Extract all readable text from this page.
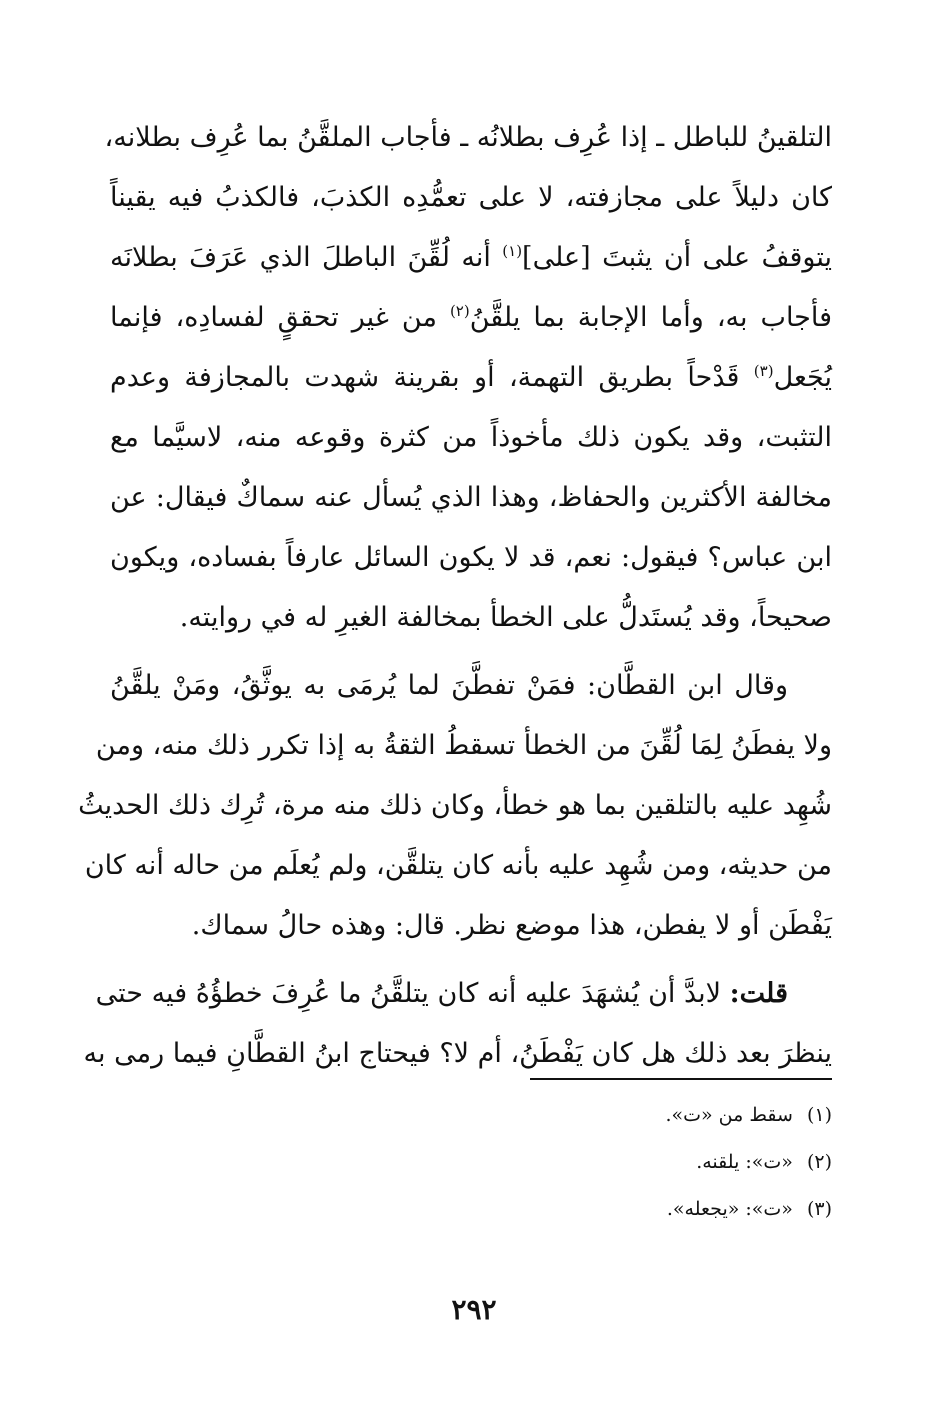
التلقينُ للباطل ـ إذا عُرِف بطلانُه ـ فأجاب الملقَّنُ بما عُرِف بطلانه،
كان دليلاً على مجازفته، لا على تعمُّدِه الكذبَ، فالكذبُ فيه يقيناً
يتوقفُ على أن يثبتَ [على]$^{(١)}$ أنه لُقِّنَ الباطلَ الذي عَرَفَ بطلانَه
فأجاب به، وأما الإجابة بما يلقَّنُ$^{(٢)}$ من غير تحققٍ لفسادِه، فإنما
يُجَعل$^{(٣)}$ قَدْحاً بطريق التهمة، أو بقرينة شهدت بالمجازفة وعدم
التثبت، وقد يكون ذلك مأخوذاً من كثرة وقوعه منه، لاسيَّما مع
مخالفة الأكثرين والحفاظ، وهذا الذي يُسأل عنه سماكٌ فيقال: عن
ابن عباس؟ فيقول: نعم، قد لا يكون السائل عارفاً بفساده، ويكون
صحيحاً، وقد يُستَدلُّ على الخطأ بمخالفة الغيرِ له في روايته.
وقال ابن القطَّان: فمَنْ تفطَّنَ لما يُرمَى به يوثَّقُ، ومَنْ يلقَّنُ
ولا يفطَنُ لِمَا لُقِّنَ من الخطأ تسقطُ الثقةُ به إذا تكرر ذلك منه، ومن
شُهِد عليه بالتلقين بما هو خطأ، وكان ذلك منه مرة، تُرِك ذلك الحديثُ
من حديثه، ومن شُهِد عليه بأنه كان يتلقَّن، ولم يُعلَم من حاله أنه كان
يَفْطَن أو لا يفطن، هذا موضع نظر. قال: وهذه حالُ سماك.
قلت: لابدَّ أن يُشهَدَ عليه أنه كان يتلقَّنُ ما عُرِفَ خطؤُهُ فيه حتى
ينظرَ بعد ذلك هل كان يَفْطَنُ، أم لا؟ فيحتاج ابنُ القطَّانِ فيما رمى به
(١)سقط من «ت».
(٢)«ت»: يلقنه.
(٣)«ت»: «يجعله».
٢٩٢
